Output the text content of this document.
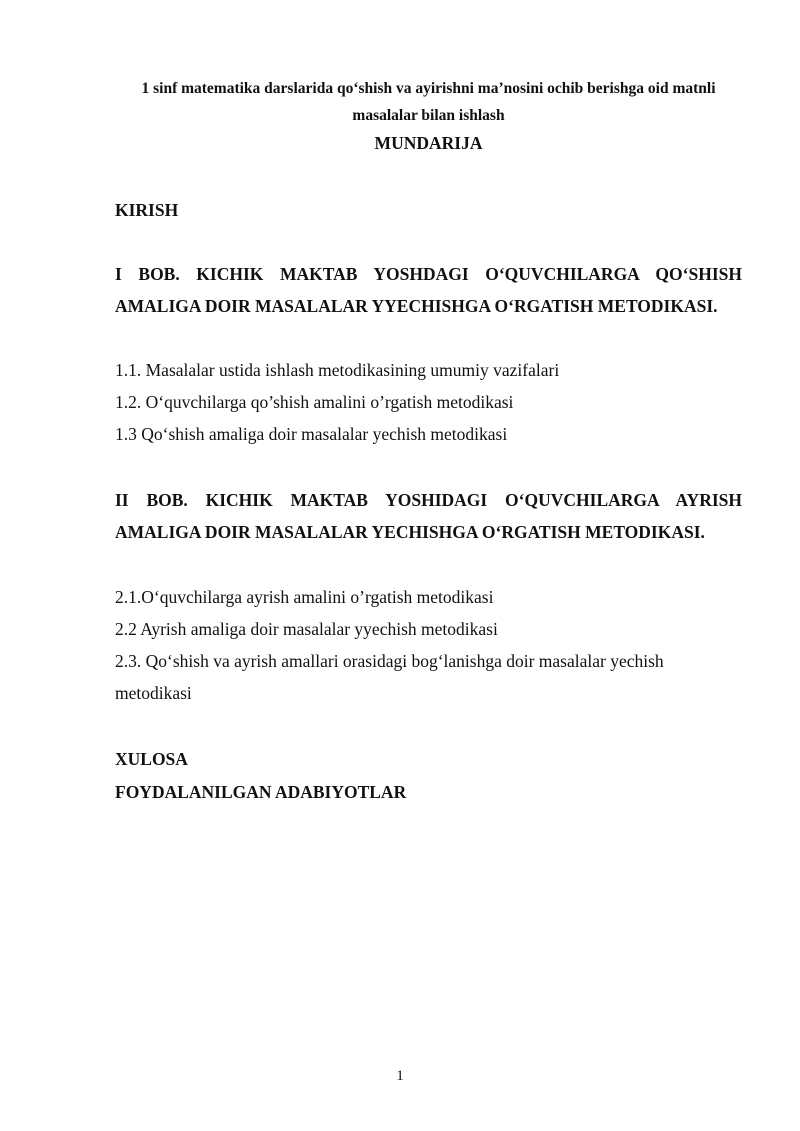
1 sinf matematika darslarida qo‘shish va ayirishni ma’nosini ochib berishga oid matnli masalalar bilan ishlash
MUNDARIJA

KIRISH

I BOB. KICHIK MAKTAB YOSHDAGI O‘QUVCHILARGA QO‘SHISH AMALIGA DOIR MASALALAR YYECHISHGA O‘RGATISH METODIKASI.

1.1. Masalalar ustida ishlash metodikasining umumiy vazifalari

1.2. O‘quvchilarga qo’shish amalini o’rgatish metodikasi

1.3 Qo‘shish amaliga doir masalalar yechish metodikasi

II BOB. KICHIK MAKTAB YOSHIDAGI O‘QUVCHILARGA AYRISH AMALIGA DOIR MASALALAR YECHISHGA O‘RGATISH METODIKASI.

2.1.O‘quvchilarga ayrish amalini o’rgatish metodikasi

2.2 Ayrish amaliga doir masalalar yyechish metodikasi

2.3. Qo‘shish va ayrish amallari orasidagi bog‘lanishga doir masalalar yechish metodikasi

XULOSA

FOYDALANILGAN ADABIYOTLAR

1
